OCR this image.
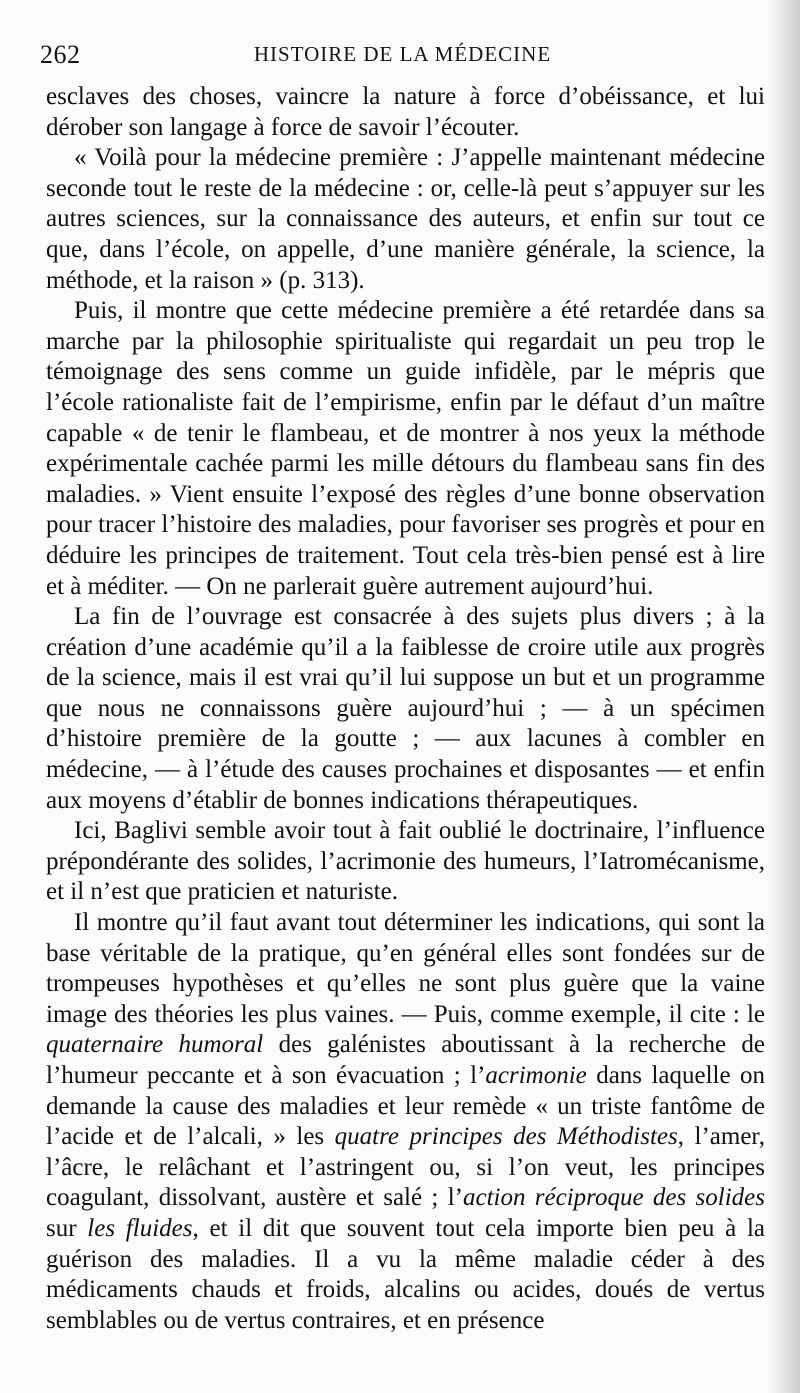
262	HISTOIRE DE LA MÉDECINE

esclaves des choses, vaincre la nature à force d’obéissance, et lui dérober son langage à force de savoir l’écouter.

« Voilà pour la médecine première : J’appelle maintenant médecine seconde tout le reste de la médecine : or, celle-là peut s’appuyer sur les autres sciences, sur la connaissance des auteurs, et enfin sur tout ce que, dans l’école, on appelle, d’une manière générale, la science, la méthode, et la raison » (p. 313).

Puis, il montre que cette médecine première a été retardée dans sa marche par la philosophie spiritualiste qui regardait un peu trop le témoignage des sens comme un guide infidèle, par le mépris que l’école rationaliste fait de l’empirisme, enfin par le défaut d’un maître capable « de tenir le flambeau, et de montrer à nos yeux la méthode expérimentale cachée parmi les mille détours du flambeau sans fin des maladies. » Vient ensuite l’exposé des règles d’une bonne observation pour tracer l’histoire des maladies, pour favoriser ses progrès et pour en déduire les principes de traitement. Tout cela très-bien pensé est à lire et à méditer. — On ne parlerait guère autrement aujourd’hui.

La fin de l’ouvrage est consacrée à des sujets plus divers ; à la création d’une académie qu’il a la faiblesse de croire utile aux progrès de la science, mais il est vrai qu’il lui suppose un but et un programme que nous ne connaissons guère aujourd’hui ; — à un spécimen d’histoire première de la goutte ; — aux lacunes à combler en médecine, — à l’étude des causes prochaines et disposantes — et enfin aux moyens d’établir de bonnes indications thérapeutiques.

Ici, Baglivi semble avoir tout à fait oublié le doctrinaire, l’influence prépondérante des solides, l’acrimonie des humeurs, l’Iatromécanisme, et il n’est que praticien et naturiste.

Il montre qu’il faut avant tout déterminer les indications, qui sont la base véritable de la pratique, qu’en général elles sont fondées sur de trompeuses hypothèses et qu’elles ne sont plus guère que la vaine image des théories les plus vaines. — Puis, comme exemple, il cite : le quaternaire humoral des galénistes aboutissant à la recherche de l’humeur peccante et à son évacuation ; l’acrimonie dans laquelle on demande la cause des maladies et leur remède « un triste fantôme de l’acide et de l’alcali, » les quatre principes des Méthodistes, l’amer, l’âcre, le relâchant et l’astringent ou, si l’on veut, les principes coagulant, dissolvant, austère et salé ; l’action réciproque des solides sur les fluides, et il dit que souvent tout cela importe bien peu à la guérison des maladies. Il a vu la même maladie céder à des médicaments chauds et froids, alcalins ou acides, doués de vertus semblables ou de vertus contraires, et en présence
